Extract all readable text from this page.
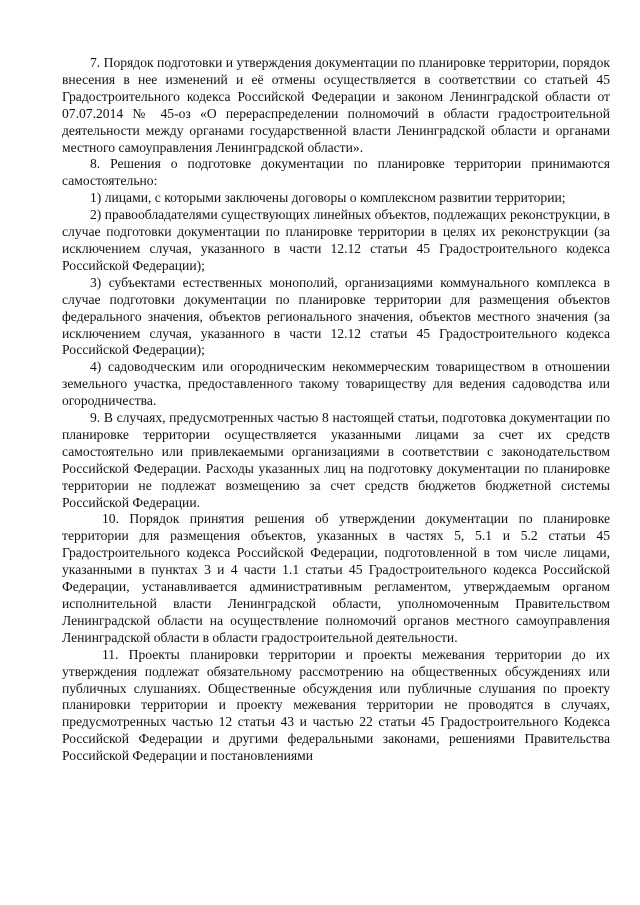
7. Порядок подготовки и утверждения документации по планировке территории, порядок внесения в нее изменений и её отмены осуществляется в соответствии со статьей 45 Градостроительного кодекса Российской Федерации и законом Ленинградской области от 07.07.2014 № 45-оз «О перераспределении полномочий в области градостроительной деятельности между органами государственной власти Ленинградской области и органами местного самоуправления Ленинградской области».

8. Решения о подготовке документации по планировке территории принимаются самостоятельно:

1) лицами, с которыми заключены договоры о комплексном развитии территории;

2) правообладателями существующих линейных объектов, подлежащих реконструкции, в случае подготовки документации по планировке территории в целях их реконструкции (за исключением случая, указанного в части 12.12 статьи 45 Градостроительного кодекса Российской Федерации);

3) субъектами естественных монополий, организациями коммунального комплекса в случае подготовки документации по планировке территории для размещения объектов федерального значения, объектов регионального значения, объектов местного значения (за исключением случая, указанного в части 12.12 статьи 45 Градостроительного кодекса Российской Федерации);

4) садоводческим или огородническим некоммерческим товариществом в отношении земельного участка, предоставленного такому товариществу для ведения садоводства или огородничества.

9. В случаях, предусмотренных частью 8 настоящей статьи, подготовка документации по планировке территории осуществляется указанными лицами за счет их средств самостоятельно или привлекаемыми организациями в соответствии с законодательством Российской Федерации. Расходы указанных лиц на подготовку документации по планировке территории не подлежат возмещению за счет средств бюджетов бюджетной системы Российской Федерации.

10. Порядок принятия решения об утверждении документации по планировке территории для размещения объектов, указанных в частях 5, 5.1 и 5.2 статьи 45 Градостроительного кодекса Российской Федерации, подготовленной в том числе лицами, указанными в пунктах 3 и 4 части 1.1 статьи 45 Градостроительного кодекса Российской Федерации, устанавливается административным регламентом, утверждаемым органом исполнительной власти Ленинградской области, уполномоченным Правительством Ленинградской области на осуществление полномочий органов местного самоуправления Ленинградской области в области градостроительной деятельности.

11. Проекты планировки территории и проекты межевания территории до их утверждения подлежат обязательному рассмотрению на общественных обсуждениях или публичных слушаниях. Общественные обсуждения или публичные слушания по проекту планировки территории и проекту межевания территории не проводятся в случаях, предусмотренных частью 12 статьи 43 и частью 22 статьи 45 Градостроительного Кодекса Российской Федерации и другими федеральными законами, решениями Правительства Российской Федерации и постановлениями
